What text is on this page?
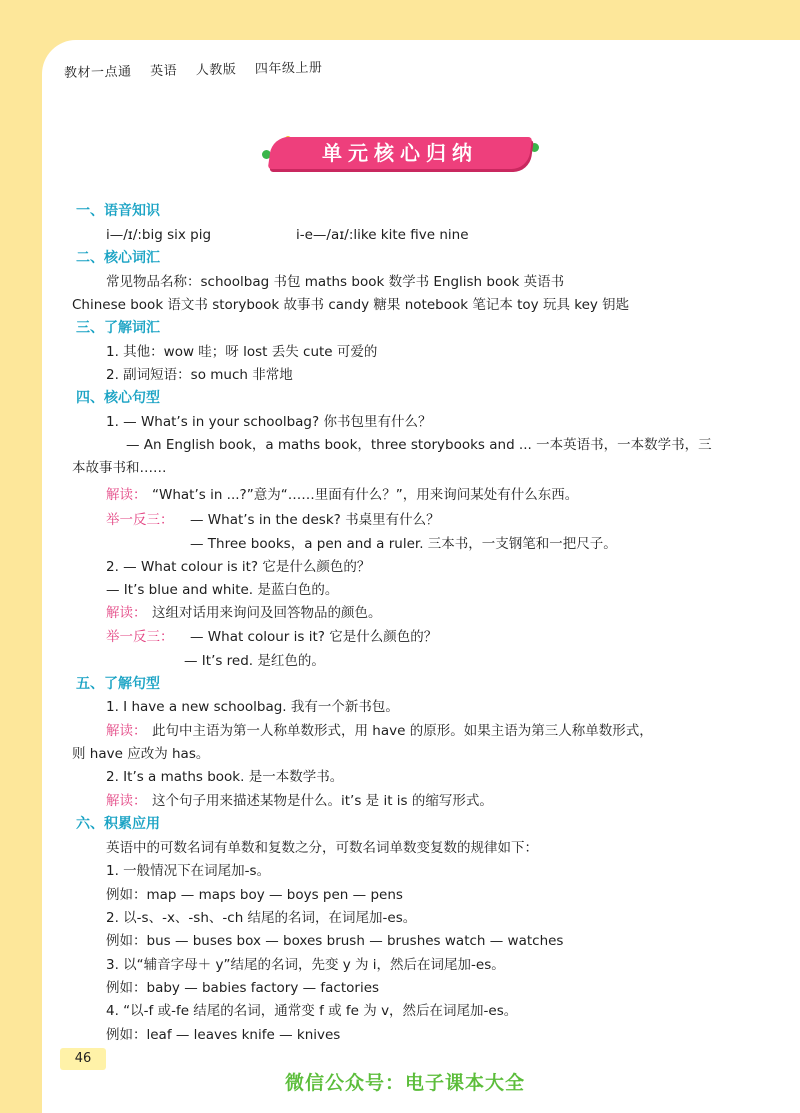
教材一点通 英语 人教版 四年级上册
单元核心归纳
一、语音知识
i—/ɪ/:big six pig	i-e—/aɪ/:like kite five nine
二、核心词汇
常见物品名称：schoolbag 书包 maths book 数学书 English book 英语书
Chinese book 语文书 storybook 故事书 candy 糖果 notebook 笔记本 toy 玩具 key 钥匙
三、了解词汇
1. 其他：wow 哇；呀 lost 丢失 cute 可爱的
2. 副词短语：so much 非常地
四、核心句型
1. — What’s in your schoolbag? 你书包里有什么？
— An English book，a maths book，three storybooks and ... 一本英语书，一本数学书，三
本故事书和……
解读： “What’s in ...?”意为“……里面有什么？”，用来询问某处有什么东西。
举一反三： — What’s in the desk? 书桌里有什么？
— Three books，a pen and a ruler. 三本书，一支钢笔和一把尺子。
2. — What colour is it? 它是什么颜色的？
— It’s blue and white. 是蓝白色的。
解读： 这组对话用来询问及回答物品的颜色。
举一反三： — What colour is it? 它是什么颜色的？
— It’s red. 是红色的。
五、了解句型
1. I have a new schoolbag. 我有一个新书包。
解读： 此句中主语为第一人称单数形式，用 have 的原形。如果主语为第三人称单数形式，
则 have 应改为 has。
2. It’s a maths book. 是一本数学书。
解读： 这个句子用来描述某物是什么。it’s 是 it is 的缩写形式。
六、积累应用
英语中的可数名词有单数和复数之分，可数名词单数变复数的规律如下：
1. 一般情况下在词尾加-s。
例如：map — maps boy — boys pen — pens
2. 以-s、-x、-sh、-ch 结尾的名词，在词尾加-es。
例如：bus — buses box — boxes brush — brushes watch — watches
3. 以“辅音字母＋ y”结尾的名词，先变 y 为 i，然后在词尾加-es。
例如：baby — babies factory — factories
4. “以-f 或-fe 结尾的名词，通常变 f 或 fe 为 v，然后在词尾加-es。
例如：leaf — leaves knife — knives
46
微信公众号：电子课本大全
